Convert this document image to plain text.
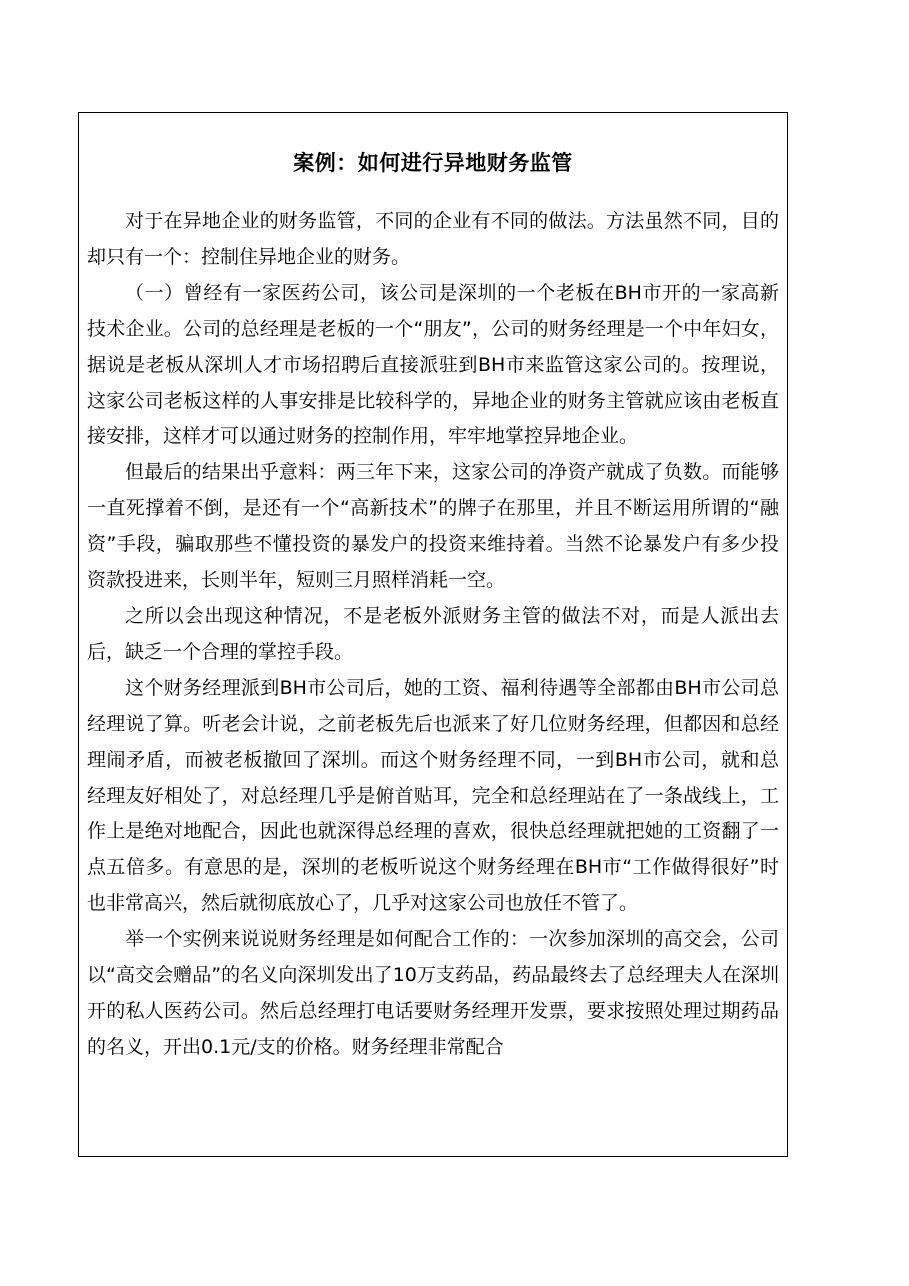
案例：如何进行异地财务监管

对于在异地企业的财务监管，不同的企业有不同的做法。方法虽然不同，目的却只有一个：控制住异地企业的财务。

（一）曾经有一家医药公司，该公司是深圳的一个老板在BH市开的一家高新技术企业。公司的总经理是老板的一个“朋友”，公司的财务经理是一个中年妇女，据说是老板从深圳人才市场招聘后直接派驻到BH市来监管这家公司的。按理说，这家公司老板这样的人事安排是比较科学的，异地企业的财务主管就应该由老板直接安排，这样才可以通过财务的控制作用，牢牢地掌控异地企业。

但最后的结果出乎意料：两三年下来，这家公司的净资产就成了负数。而能够一直死撑着不倒，是还有一个“高新技术”的牌子在那里，并且不断运用所谓的“融资”手段，骗取那些不懂投资的暴发户的投资来维持着。当然不论暴发户有多少投资款投进来，长则半年，短则三月照样消耗一空。

之所以会出现这种情况，不是老板外派财务主管的做法不对，而是人派出去后，缺乏一个合理的掌控手段。

这个财务经理派到BH市公司后，她的工资、福利待遇等全部都由BH市公司总经理说了算。听老会计说，之前老板先后也派来了好几位财务经理，但都因和总经理闹矛盾，而被老板撤回了深圳。而这个财务经理不同，一到BH市公司，就和总经理友好相处了，对总经理几乎是俯首贴耳，完全和总经理站在了一条战线上，工作上是绝对地配合，因此也就深得总经理的喜欢，很快总经理就把她的工资翻了一点五倍多。有意思的是，深圳的老板听说这个财务经理在BH市“工作做得很好”时也非常高兴，然后就彻底放心了，几乎对这家公司也放任不管了。

举一个实例来说说财务经理是如何配合工作的：一次参加深圳的高交会，公司以“高交会赠品”的名义向深圳发出了10万支药品，药品最终去了总经理夫人在深圳开的私人医药公司。然后总经理打电话要财务经理开发票，要求按照处理过期药品的名义，开出0.1元/支的价格。财务经理非常配合
